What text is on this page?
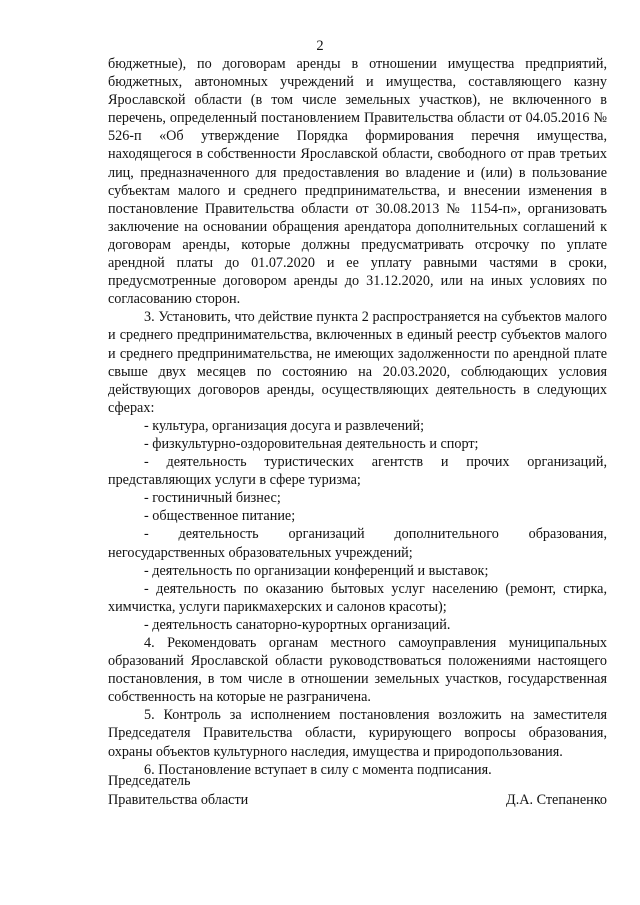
2

бюджетные), по договорам аренды в отношении имущества предприятий, бюджетных, автономных учреждений и имущества, составляющего казну Ярославской области (в том числе земельных участков), не включенного в перечень, определенный постановлением Правительства области от 04.05.2016 № 526-п «Об утверждение Порядка формирования перечня имущества, находящегося в собственности Ярославской области, свободного от прав третьих лиц, предназначенного для предоставления во владение и (или) в пользование субъектам малого и среднего предпринимательства, и внесении изменения в постановление Правительства области от 30.08.2013 № 1154-п», организовать заключение на основании обращения арендатора дополнительных соглашений к договорам аренды, которые должны предусматривать отсрочку по уплате арендной платы до 01.07.2020 и ее уплату равными частями в сроки, предусмотренные договором аренды до 31.12.2020, или на иных условиях по согласованию сторон.

3. Установить, что действие пункта 2 распространяется на субъектов малого и среднего предпринимательства, включенных в единый реестр субъектов малого и среднего предпринимательства, не имеющих задолженности по арендной плате свыше двух месяцев по состоянию на 20.03.2020, соблюдающих условия действующих договоров аренды, осуществляющих деятельность в следующих сферах:

- культура, организация досуга и развлечений;

- физкультурно-оздоровительная деятельность и спорт;

- деятельность туристических агентств и прочих организаций, представляющих услуги в сфере туризма;

- гостиничный бизнес;

- общественное питание;

- деятельность организаций дополнительного образования, негосударственных образовательных учреждений;

- деятельность по организации конференций и выставок;

- деятельность по оказанию бытовых услуг населению (ремонт, стирка, химчистка, услуги парикмахерских и салонов красоты);

- деятельность санаторно-курортных организаций.

4. Рекомендовать органам местного самоуправления муниципальных образований Ярославской области руководствоваться положениями настоящего постановления, в том числе в отношении земельных участков, государственная собственность на которые не разграничена.

5. Контроль за исполнением постановления возложить на заместителя Председателя Правительства области, курирующего вопросы образования, охраны объектов культурного наследия, имущества и природопользования.

6. Постановление вступает в силу с момента подписания.

Председатель
Правительства области	Д.А. Степаненко
